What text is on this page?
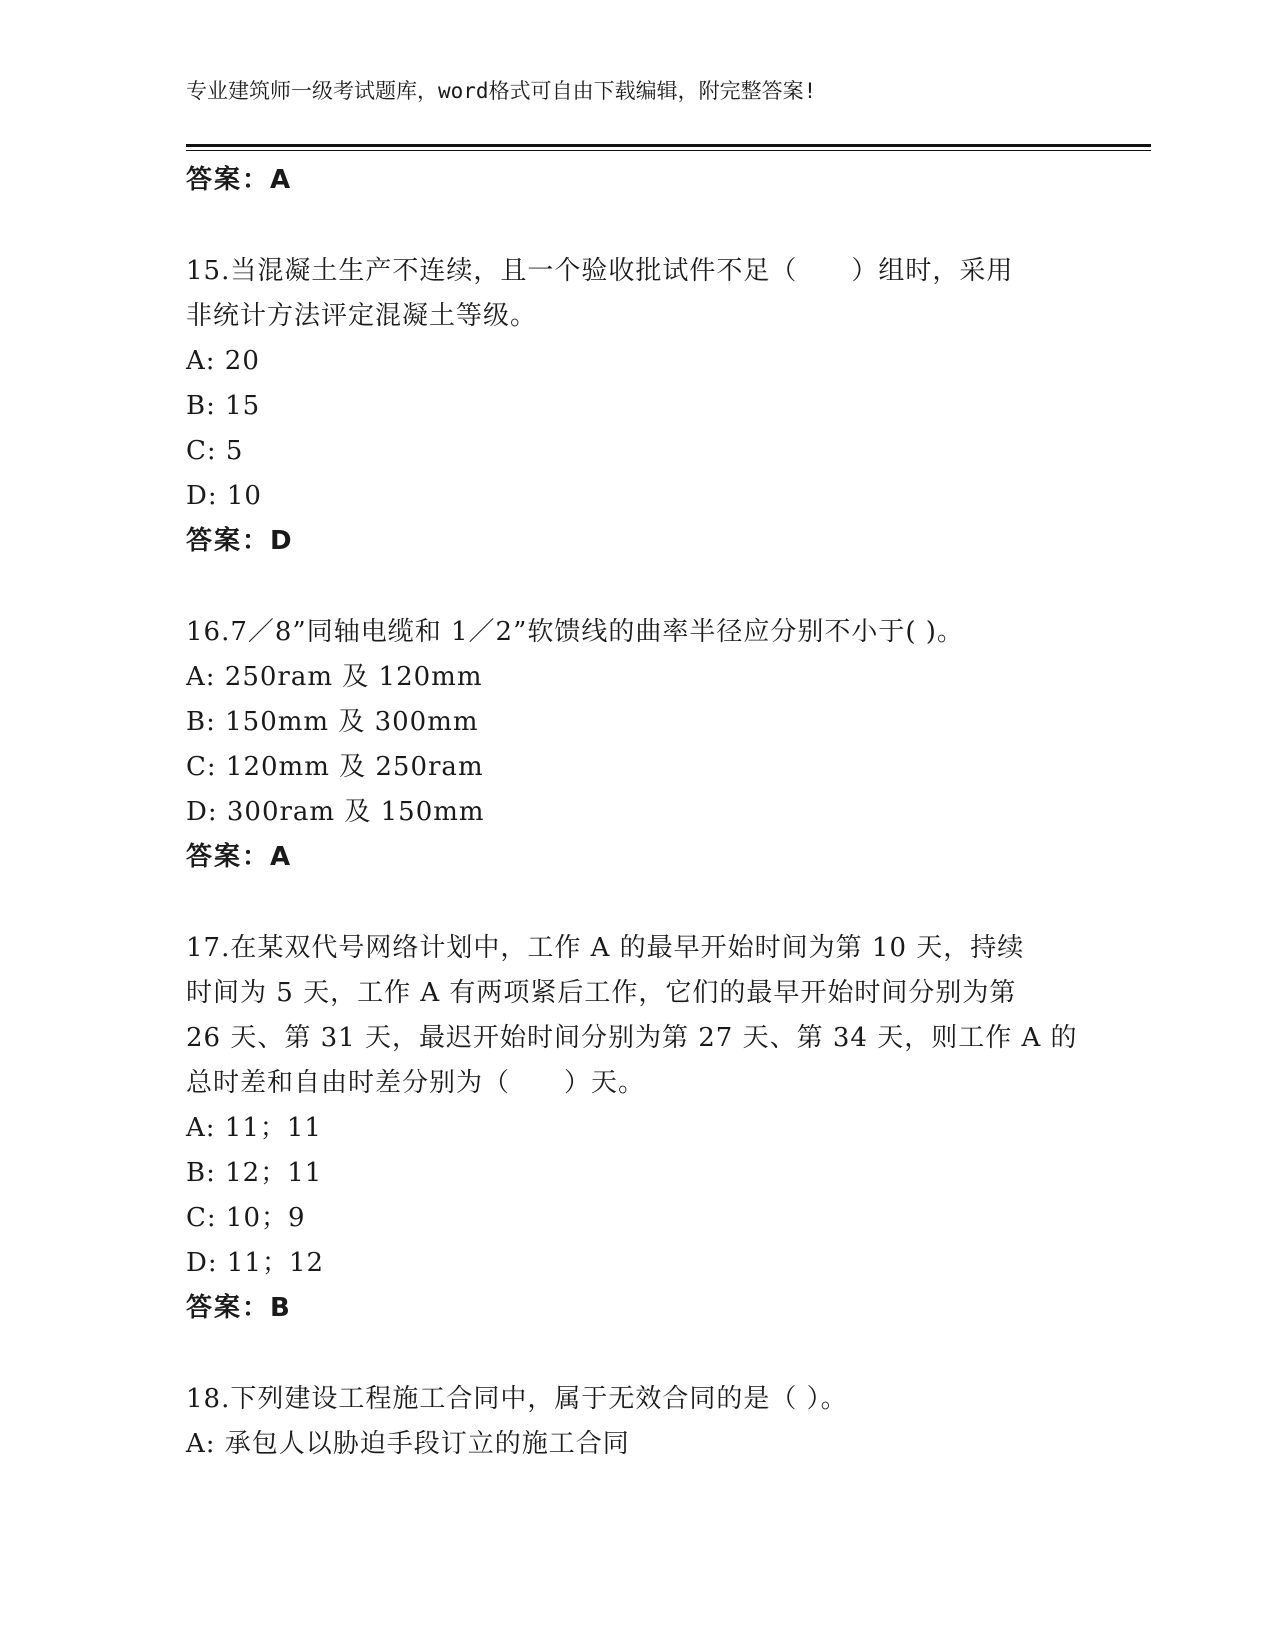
专业建筑师一级考试题库，word格式可自由下载编辑，附完整答案!
答案：A
15.当混凝土生产不连续，且一个验收批试件不足（　　）组时，采用
非统计方法评定混凝土等级。
A: 20
B: 15
C: 5
D: 10
答案：D
16.7／8”同轴电缆和 1／2”软馈线的曲率半径应分别不小于( )。
A: 250ram 及 120mm
B: 150mm 及 300mm
C: 120mm 及 250ram
D: 300ram 及 150mm
答案：A
17.在某双代号网络计划中，工作 A 的最早开始时间为第 10 天，持续
时间为 5 天，工作 A 有两项紧后工作，它们的最早开始时间分别为第
26 天、第 31 天，最迟开始时间分别为第 27 天、第 34 天，则工作 A 的
总时差和自由时差分别为（　　）天。
A: 11；11
B: 12；11
C: 10；9
D: 11；12
答案：B
18.下列建设工程施工合同中，属于无效合同的是（ ）。
A: 承包人以胁迫手段订立的施工合同
